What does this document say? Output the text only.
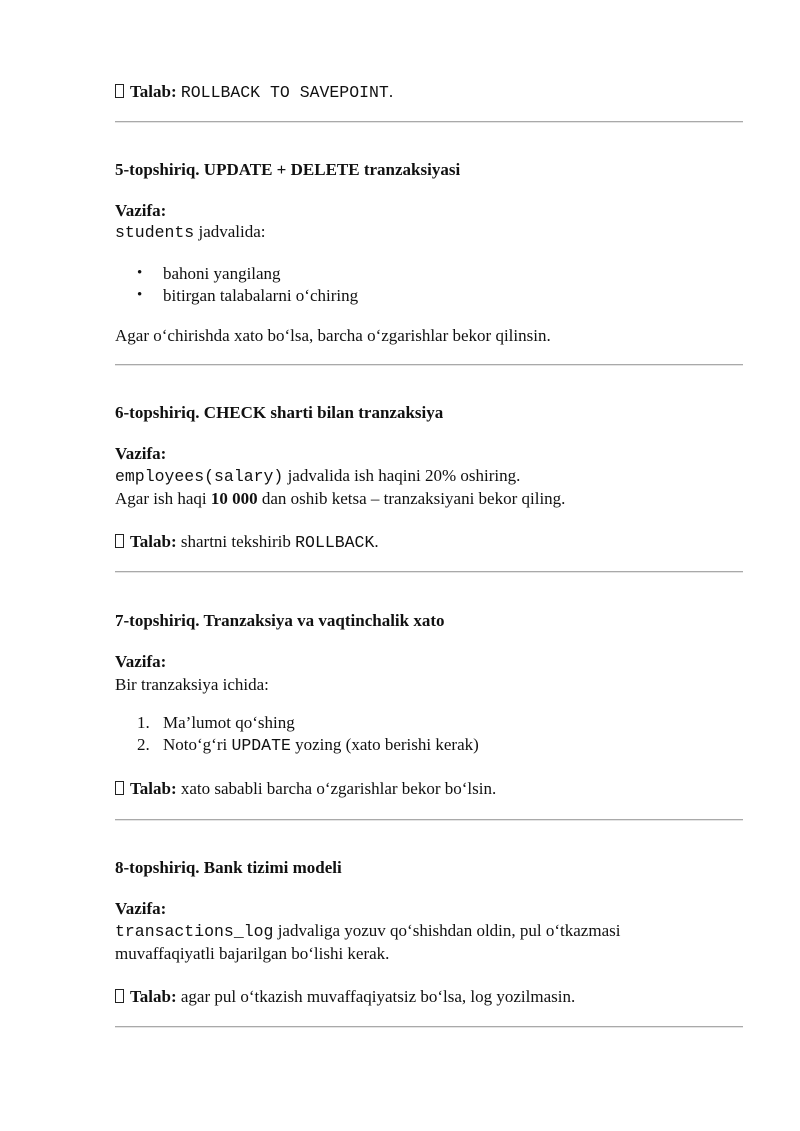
Talab: ROLLBACK TO SAVEPOINT.
5-topshiriq. UPDATE + DELETE tranzaksiyasi
Vazifa:
students jadvalida:
• bahoni yangilang
• bitirgan talabalarni o‘chiring
Agar o‘chirishda xato bo‘lsa, barcha o‘zgarishlar bekor qilinsin.
6-topshiriq. CHECK sharti bilan tranzaksiya
Vazifa:
employees(salary) jadvalida ish haqini 20% oshiring.
Agar ish haqi 10 000 dan oshib ketsa – tranzaksiyani bekor qiling.
Talab: shartni tekshirib ROLLBACK.
7-topshiriq. Tranzaksiya va vaqtinchalik xato
Vazifa:
Bir tranzaksiya ichida:
1. Ma’lumot qo‘shing
2. Noto‘g‘ri UPDATE yozing (xato berishi kerak)
Talab: xato sababli barcha o‘zgarishlar bekor bo‘lsin.
8-topshiriq. Bank tizimi modeli
Vazifa:
transactions_log jadvaliga yozuv qo‘shishdan oldin, pul o‘tkazmasi
muvaffaqiyatli bajarilgan bo‘lishi kerak.
Talab: agar pul o‘tkazish muvaffaqiyatsiz bo‘lsa, log yozilmasin.
